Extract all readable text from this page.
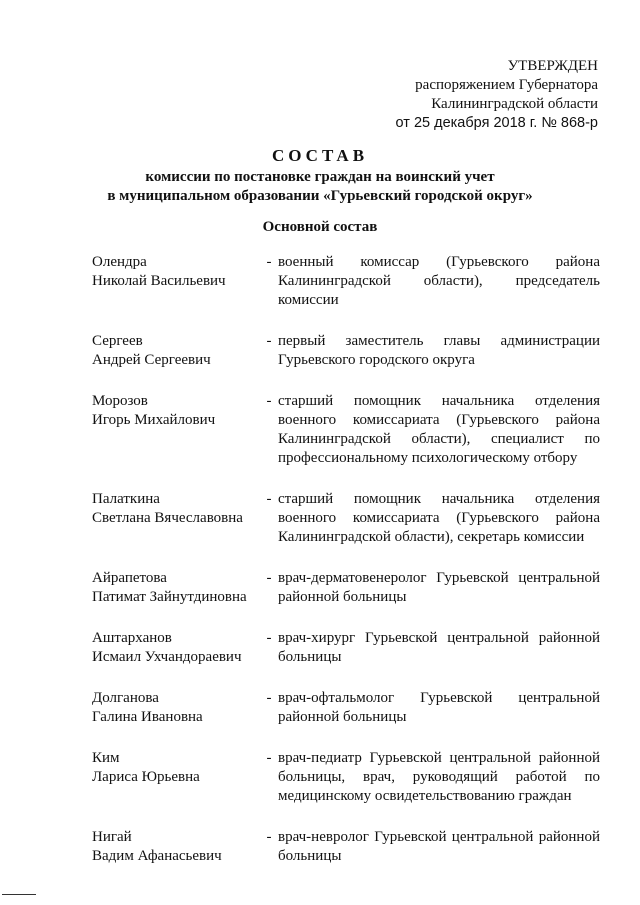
УТВЕРЖДЕН
распоряжением Губернатора
Калининградской области
от 25 декабря 2018 г. № 868-р
СОСТАВ
комиссии по постановке граждан на воинский учет
в муниципальном образовании «Гурьевский городской округ»
Основной состав
Олендра
Николай Васильевич
- военный комиссар (Гурьевского района Калининградской области), председатель комиссии
Сергеев
Андрей Сергеевич
- первый заместитель главы администрации Гурьевского городского округа
Морозов
Игорь Михайлович
- старший помощник начальника отделения военного комиссариата (Гурьевского района Калининградской области), специалист по профессиональному психологическому отбору
Палаткина
Светлана Вячеславовна
- старший помощник начальника отделения военного комиссариата (Гурьевского района Калининградской области), секретарь комиссии
Айрапетова
Патимат Зайнутдиновна
- врач-дерматовенеролог Гурьевской центральной районной больницы
Аштарханов
Исмаил Ухчандораевич
- врач-хирург Гурьевской центральной районной больницы
Долганова
Галина Ивановна
- врач-офтальмолог Гурьевской центральной районной больницы
Ким
Лариса Юрьевна
- врач-педиатр Гурьевской центральной районной больницы, врач, руководящий работой по медицинскому освидетельствованию граждан
Нигай
Вадим Афанасьевич
- врач-невролог Гурьевской центральной районной больницы
